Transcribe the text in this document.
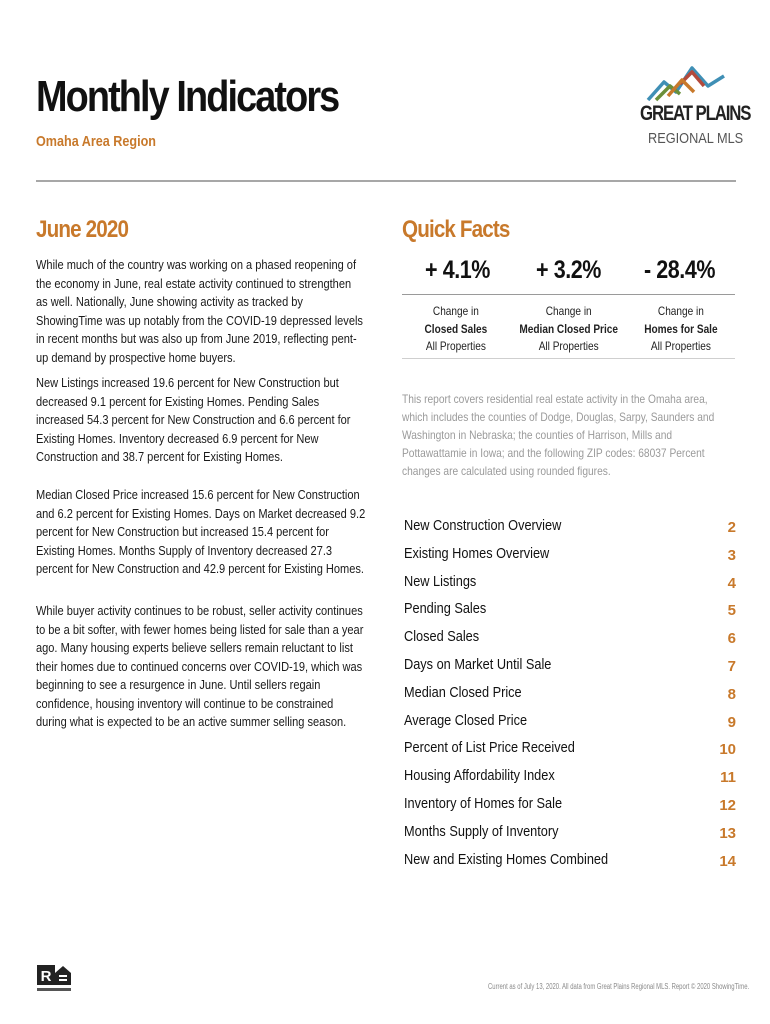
Monthly Indicators
Omaha Area Region
GREAT PLAINS
REGIONAL MLS
June 2020

While much of the country was working on a phased reopening of the economy in June, real estate activity continued to strengthen as well. Nationally, June showing activity as tracked by ShowingTime was up notably from the COVID-19 depressed levels in recent months but was also up from June 2019, reflecting pent-up demand by prospective home buyers.

New Listings increased 19.6 percent for New Construction but decreased 9.1 percent for Existing Homes. Pending Sales increased 54.3 percent for New Construction and 6.6 percent for Existing Homes. Inventory decreased 6.9 percent for New Construction and 38.7 percent for Existing Homes.

Median Closed Price increased 15.6 percent for New Construction and 6.2 percent for Existing Homes. Days on Market decreased 9.2 percent for New Construction but increased 15.4 percent for Existing Homes. Months Supply of Inventory decreased 27.3 percent for New Construction and 42.9 percent for Existing Homes.

While buyer activity continues to be robust, seller activity continues to be a bit softer, with fewer homes being listed for sale than a year ago. Many housing experts believe sellers remain reluctant to list their homes due to continued concerns over COVID-19, which was beginning to see a resurgence in June. Until sellers regain confidence, housing inventory will continue to be constrained during what is expected to be an active summer selling season.

Quick Facts
+ 4.1%	+ 3.2%	- 28.4%
Change in
Closed Sales
All Properties
Change in
Median Closed Price
All Properties
Change in
Homes for Sale
All Properties

This report covers residential real estate activity in the Omaha area, which includes the counties of Dodge, Douglas, Sarpy, Saunders and Washington in Nebraska; the counties of Harrison, Mills and Pottawattamie in Iowa; and the following ZIP codes: 68037 Percent changes are calculated using rounded figures.

New Construction Overview	2
Existing Homes Overview	3
New Listings	4
Pending Sales	5
Closed Sales	6
Days on Market Until Sale	7
Median Closed Price	8
Average Closed Price	9
Percent of List Price Received	10
Housing Affordability Index	11
Inventory of Homes for Sale	12
Months Supply of Inventory	13
New and Existing Homes Combined	14
R
Current as of July 13, 2020. All data from Great Plains Regional MLS. Report © 2020 ShowingTime.
